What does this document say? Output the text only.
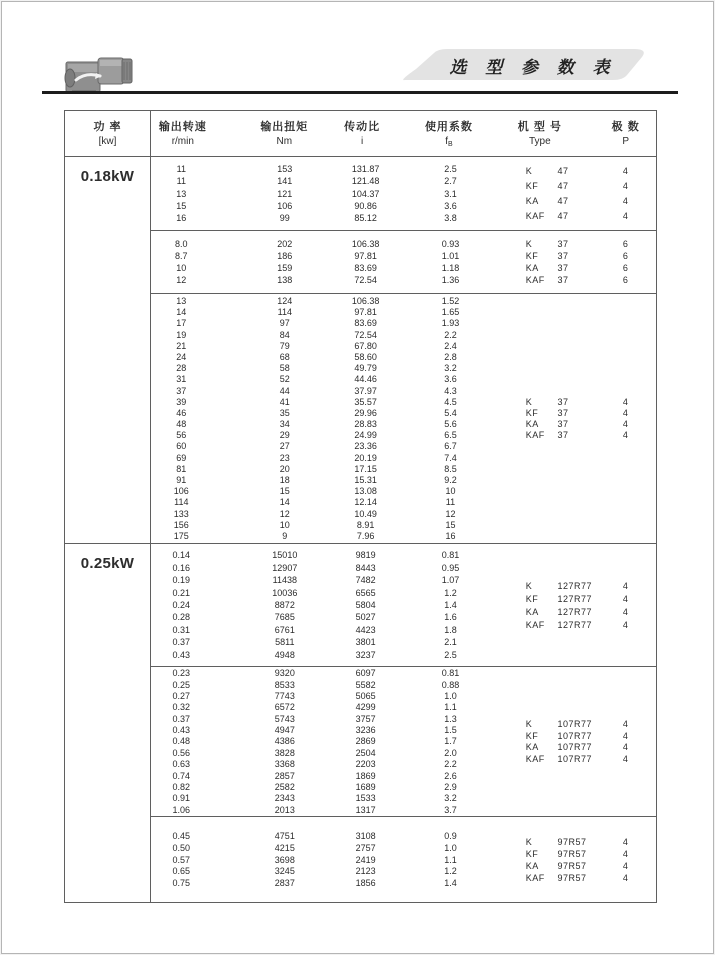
选 型 参 数 表
功 率
[kw]
输出转速
r/min
输出扭矩
Nm
传动比
i
使用系数
$f_B$
机 型 号
Type
极 数
P
0.18kW	11	153	131.87	2.5
11	141	121.48	2.7
13	121	104.37	3.1
15	106	90.86	3.6
16	99	85.12	3.8
K	47	4
KF 47	4
KA 47	4
KAF 47	4
8.0	202	106.38	0.93
8.7	186	97.81	1.01
10	159	83.69	1.18
12	138	72.54	1.36
K	37	6
KF 37	6
KA 37	6
KAF 37	6
13	124	106.38	1.52
14	114	97.81	1.65
17	97	83.69	1.93
19	84	72.54	2.2
21	79	67.80	2.4
24	68	58.60	2.8
28	58	49.79	3.2
31	52	44.46	3.6
37	44	37.97	4.3
39	41	35.57	4.5
46	35	29.96	5.4
48	34	28.83	5.6
56	29	24.99	6.5
60	27	23.36	6.7
69	23	20.19	7.4
81	20	17.15	8.5
91	18	15.31	9.2
106	15	13.08	10
114	14	12.14	11
133	12	10.49	12
156	10	8.91	15
175	9	7.96	16
K	37	4
KF 37	4
KA 37	4
KAF 37	4
0.25kW	0.14	15010	9819	0.81
0.16	12907	8443	0.95
0.19	11438	7482	1.07
0.21	10036	6565	1.2
0.24	8872	5804	1.4
0.28	7685	5027	1.6
0.31	6761	4423	1.8
0.37	5811	3801	2.1
0.43	4948	3237	2.5
K	127R77	4
KF 127R77	4
KA 127R77	4
KAF 127R77	4
0.23	9320	6097	0.81
0.25	8533	5582	0.88
0.27	7743	5065	1.0
0.32	6572	4299	1.1
0.37	5743	3757	1.3
0.43	4947	3236	1.5
0.48	4386	2869	1.7
0.56	3828	2504	2.0
0.63	3368	2203	2.2
0.74	2857	1869	2.6
0.82	2582	1689	2.9
0.91	2343	1533	3.2
1.06	2013	1317	3.7
K	107R77	4
KF 107R77	4
KA 107R77	4
KAF 107R77	4
0.45	4751	3108	0.9
0.50	4215	2757	1.0
0.57	3698	2419	1.1
0.65	3245	2123	1.2
0.75	2837	1856	1.4
K	97R57	4
KF 97R57	4
KA 97R57	4
KAF 97R57	4
